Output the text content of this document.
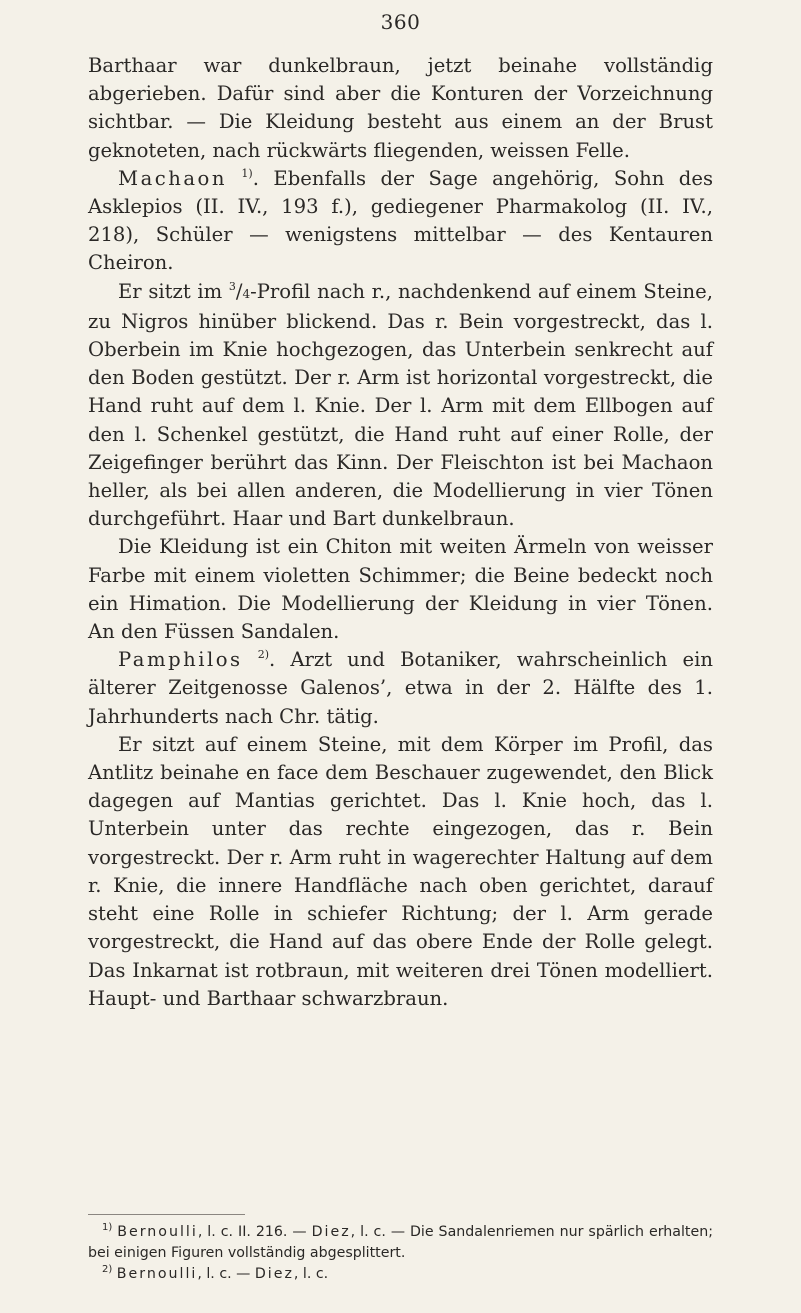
360

Barthaar war dunkelbraun, jetzt beinahe vollständig abgerieben. Dafür sind aber die Konturen der Vorzeichnung sichtbar. — Die Kleidung besteht aus einem an der Brust geknoteten, nach rückwärts fliegenden, weissen Felle.

Machaon $^{1)}$. Ebenfalls der Sage angehörig, Sohn des Asklepios (II. IV., 193 f.), gediegener Pharmakolog (II. IV., 218), Schüler — wenigstens mittelbar — des Kentauren Cheiron.

Er sitzt im $^3$/4-Profil nach r., nachdenkend auf einem Steine, zu Nigros hinüber blickend. Das r. Bein vorgestreckt, das l. Oberbein im Knie hochgezogen, das Unterbein senkrecht auf den Boden gestützt. Der r. Arm ist horizontal vorgestreckt, die Hand ruht auf dem l. Knie. Der l. Arm mit dem Ellbogen auf den l. Schenkel gestützt, die Hand ruht auf einer Rolle, der Zeigefinger berührt das Kinn. Der Fleischton ist bei Machaon heller, als bei allen anderen, die Modellierung in vier Tönen durchgeführt. Haar und Bart dunkelbraun.

Die Kleidung ist ein Chiton mit weiten Ärmeln von weisser Farbe mit einem violetten Schimmer; die Beine bedeckt noch ein Himation. Die Modellierung der Kleidung in vier Tönen. An den Füssen Sandalen.

Pamphilos $^{2)}$. Arzt und Botaniker, wahrscheinlich ein älterer Zeitgenosse Galenos’, etwa in der 2. Hälfte des 1. Jahrhunderts nach Chr. tätig.

Er sitzt auf einem Steine, mit dem Körper im Profil, das Antlitz beinahe en face dem Beschauer zugewendet, den Blick dagegen auf Mantias gerichtet. Das l. Knie hoch, das l. Unterbein unter das rechte eingezogen, das r. Bein vorgestreckt. Der r. Arm ruht in wagerechter Haltung auf dem r. Knie, die innere Handfläche nach oben gerichtet, darauf steht eine Rolle in schiefer Richtung; der l. Arm gerade vorgestreckt, die Hand auf das obere Ende der Rolle gelegt. Das Inkarnat ist rotbraun, mit weiteren drei Tönen modelliert. Haupt- und Barthaar schwarzbraun.

$^{1)}$ Bernoulli, l. c. II. 216. — Diez, l. c. — Die Sandalenriemen nur spärlich erhalten; bei einigen Figuren vollständig abgesplittert.

$^{2)}$ Bernoulli, l. c. — Diez, l. c.
